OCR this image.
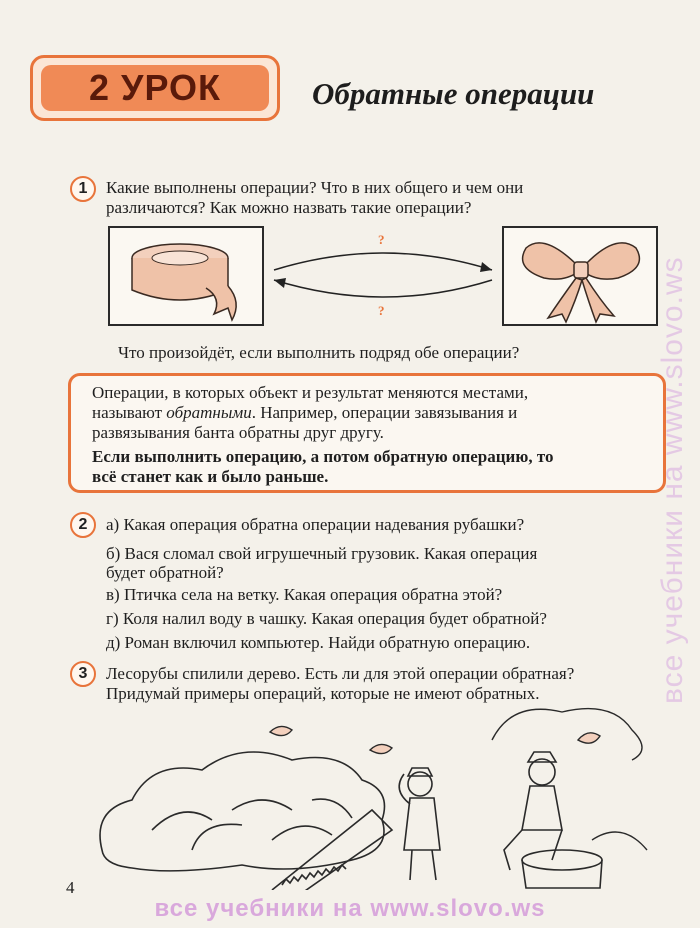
2 УРОК	Обратные операции
1	Какие выполнены операции? Что в них общего и чем они
различаются? Как можно назвать такие операции?
?
?
Что произойдёт, если выполнить подряд обе операции?
Операции, в которых объект и результат меняются местами,
называют обратными. Например, операции завязывания и
развязывания банта обратны друг другу.
Если выполнить операцию, а потом обратную операцию, то
всё станет как и было раньше.
2	а) Какая операция обратна операции надевания рубашки?
б) Вася сломал свой игрушечный грузовик. Какая операция
будет обратной?
в) Птичка села на ветку. Какая операция обратна этой?
г) Коля налил воду в чашку. Какая операция будет обратной?
д) Роман включил компьютер. Найди обратную операцию.
3	Лесорубы спилили дерево. Есть ли для этой операции обратная?
Придумай примеры операций, которые не имеют обратных.
4
все учебники на www.slovo.ws
все учебники на www.slovo.ws
